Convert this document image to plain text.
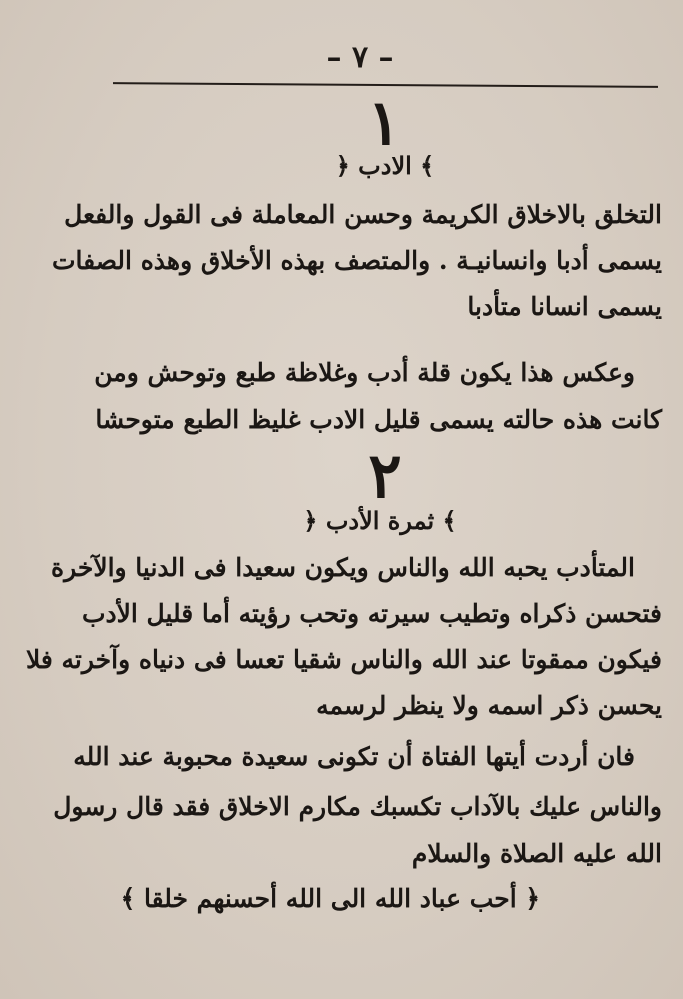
– ٧ –
١
﴿ الادب ﴾
التخلق بالاخلاق الكريمة وحسن المعاملة فى القول والفعل
يسمى أدبا وانسانيـة . والمتصف بهذه الأخلاق وهذه الصفات
يسمى انسانا متأدبا
وعكس هذا يكون قلة أدب وغلاظة طبع وتوحش ومن
كانت هذه حالته يسمى قليل الادب غليظ الطبع متوحشا
٢
﴿ ثمرة الأدب ﴾
المتأدب يحبه الله والناس ويكون سعيدا فى الدنيا والآخرة
فتحسن ذكراه وتطيب سيرته وتحب رؤيته أما قليل الأدب
فيكون ممقوتا عند الله والناس شقيا تعسا فى دنياه وآخرته فلا
يحسن ذكر اسمه ولا ينظر لرسمه
فان أردت أيتها الفتاة أن تكونى سعيدة محبوبة عند الله
والناس عليك بالآداب تكسبك مكارم الاخلاق فقد قال رسول
الله عليه الصلاة والسلام
﴿ أحب عباد الله الى الله أحسنهم خلقا ﴾
